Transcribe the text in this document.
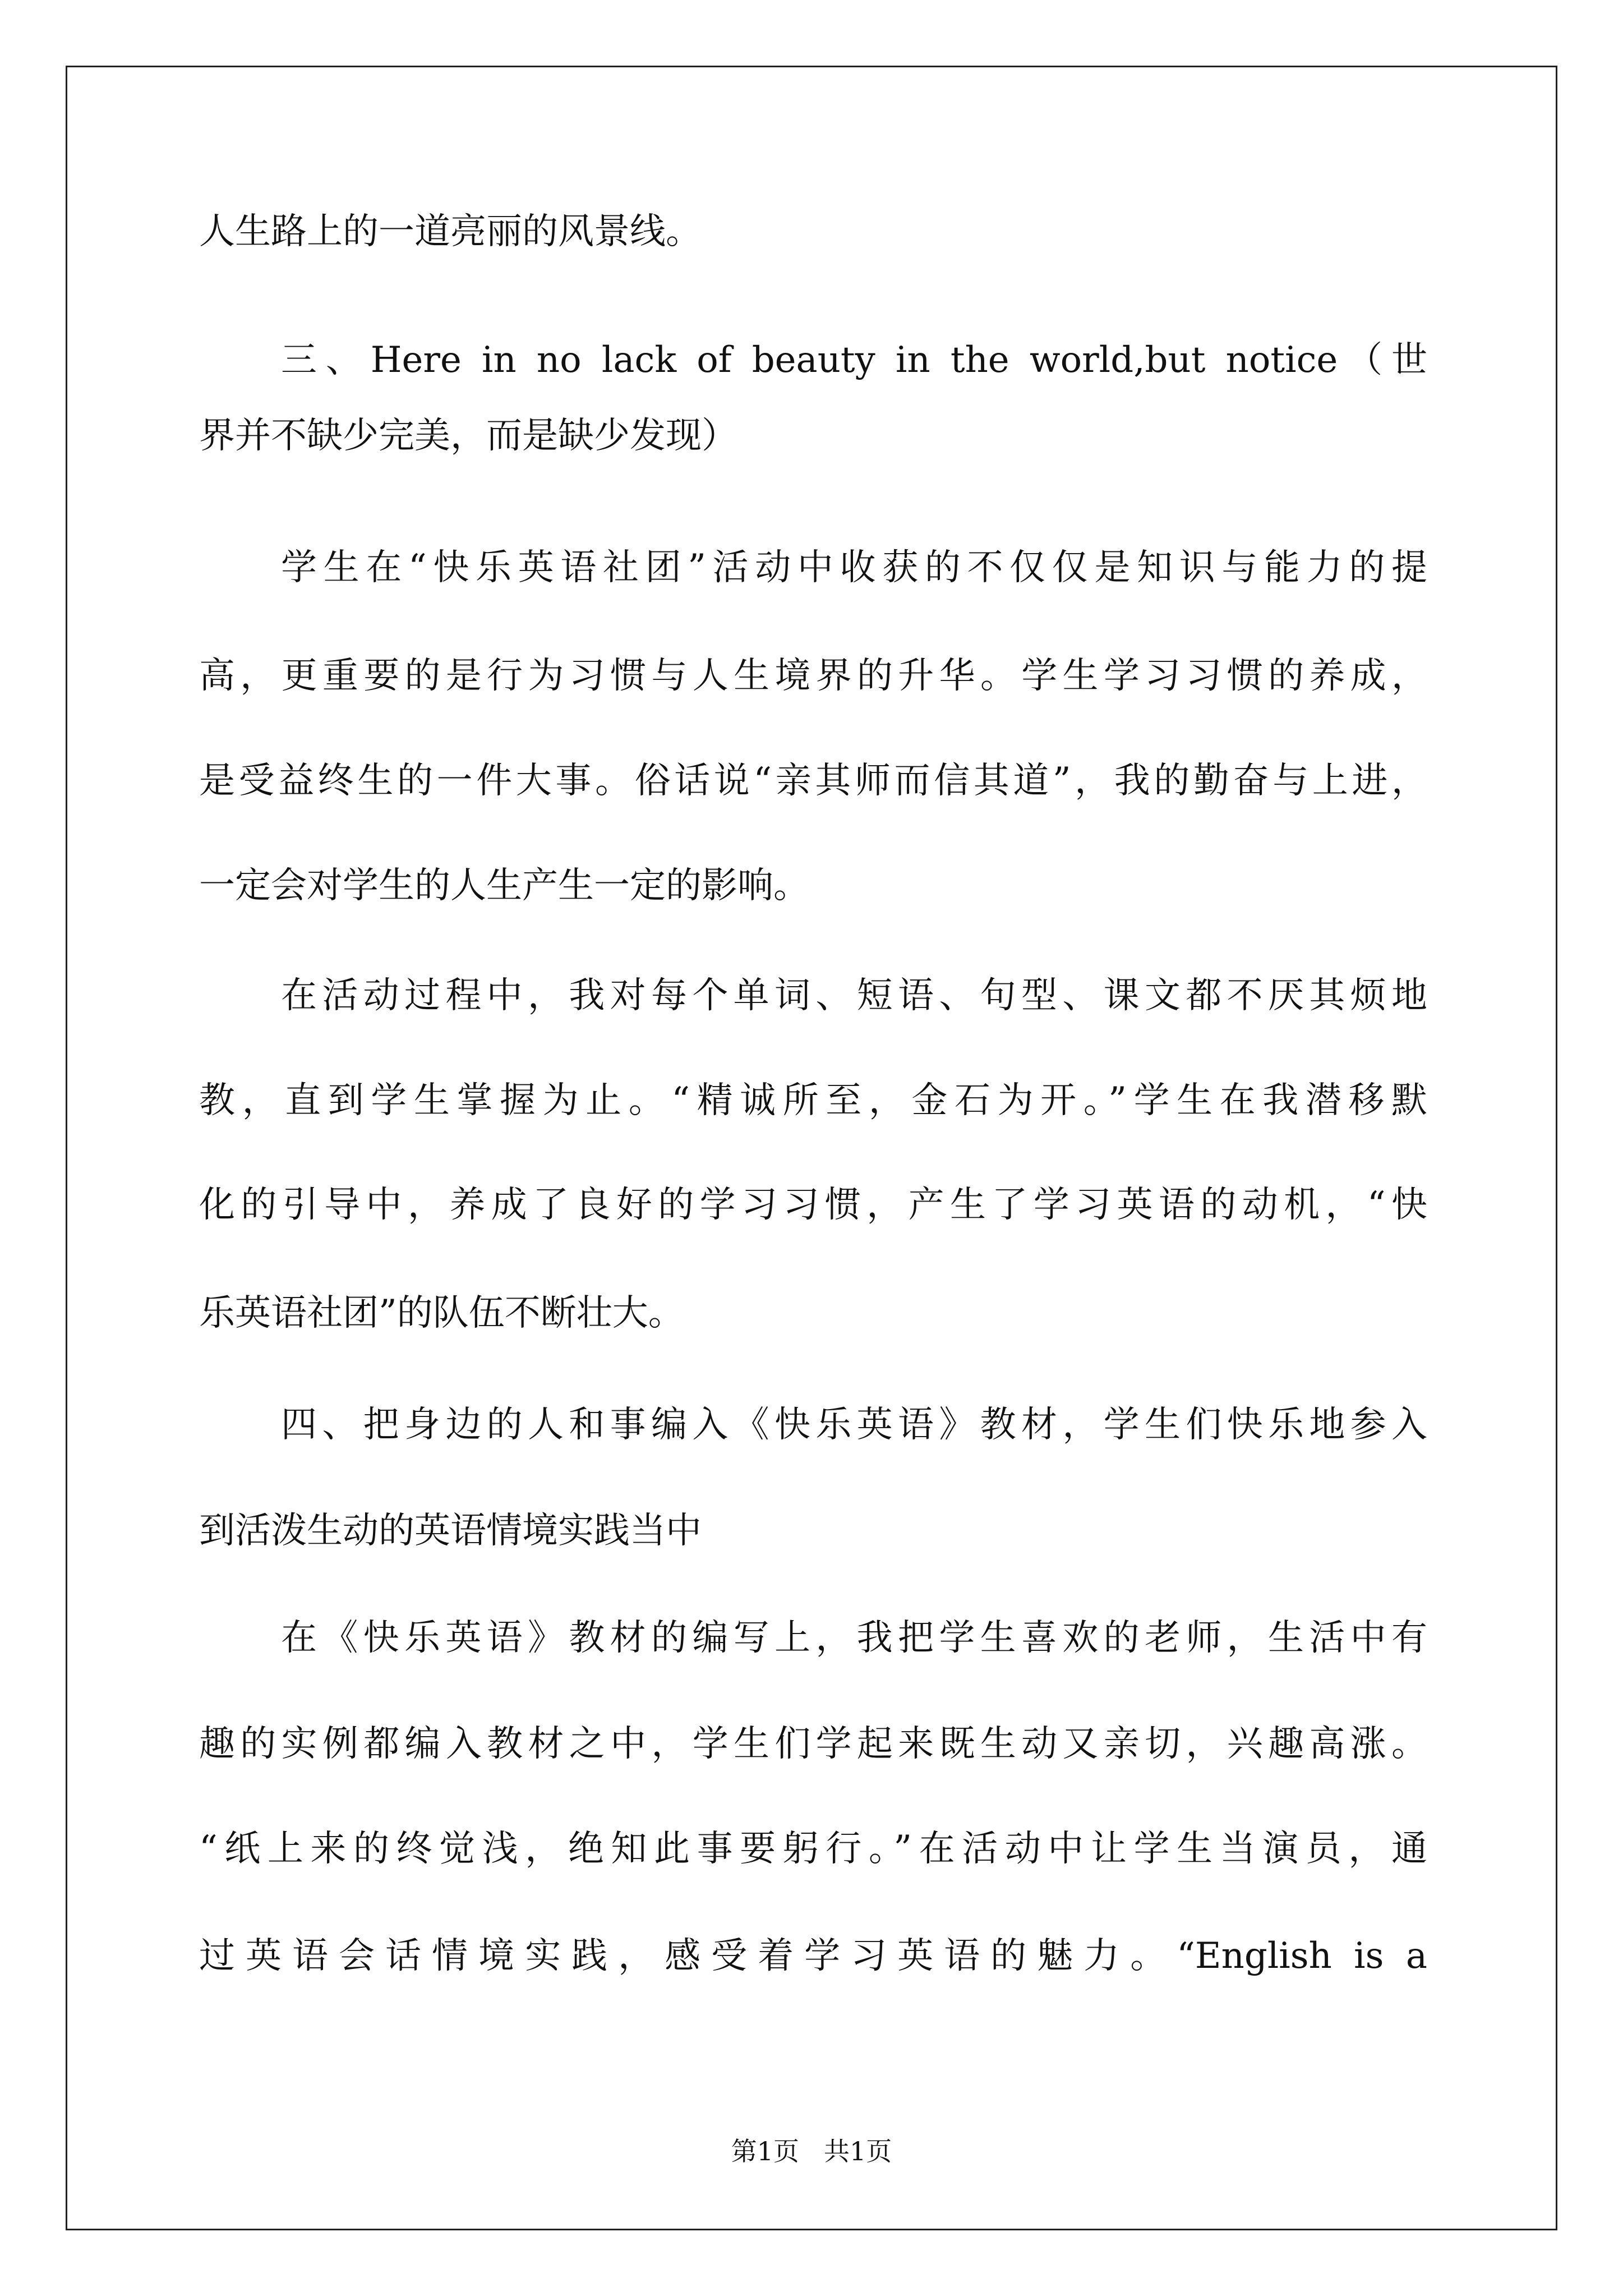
人生路上的一道亮丽的风景线。
三、Here in no lack of beauty in the world,but notice（世
界并不缺少完美，而是缺少发现）
学生在“快乐英语社团”活动中收获的不仅仅是知识与能力的提
高，更重要的是行为习惯与人生境界的升华。学生学习习惯的养成，
是受益终生的一件大事。俗话说“亲其师而信其道”，我的勤奋与上进，
一定会对学生的人生产生一定的影响。
在活动过程中，我对每个单词、短语、句型、课文都不厌其烦地
教，直到学生掌握为止。“精诚所至，金石为开。”学生在我潜移默
化的引导中，养成了良好的学习习惯，产生了学习英语的动机，“快
乐英语社团”的队伍不断壮大。
四、把身边的人和事编入《快乐英语》教材，学生们快乐地参入
到活泼生动的英语情境实践当中
在《快乐英语》教材的编写上，我把学生喜欢的老师，生活中有
趣的实例都编入教材之中，学生们学起来既生动又亲切，兴趣高涨。
“纸上来的终觉浅，绝知此事要躬行。”在活动中让学生当演员，通
过英语会话情境实践，感受着学习英语的魅力。“English is a
第1页 共1页
